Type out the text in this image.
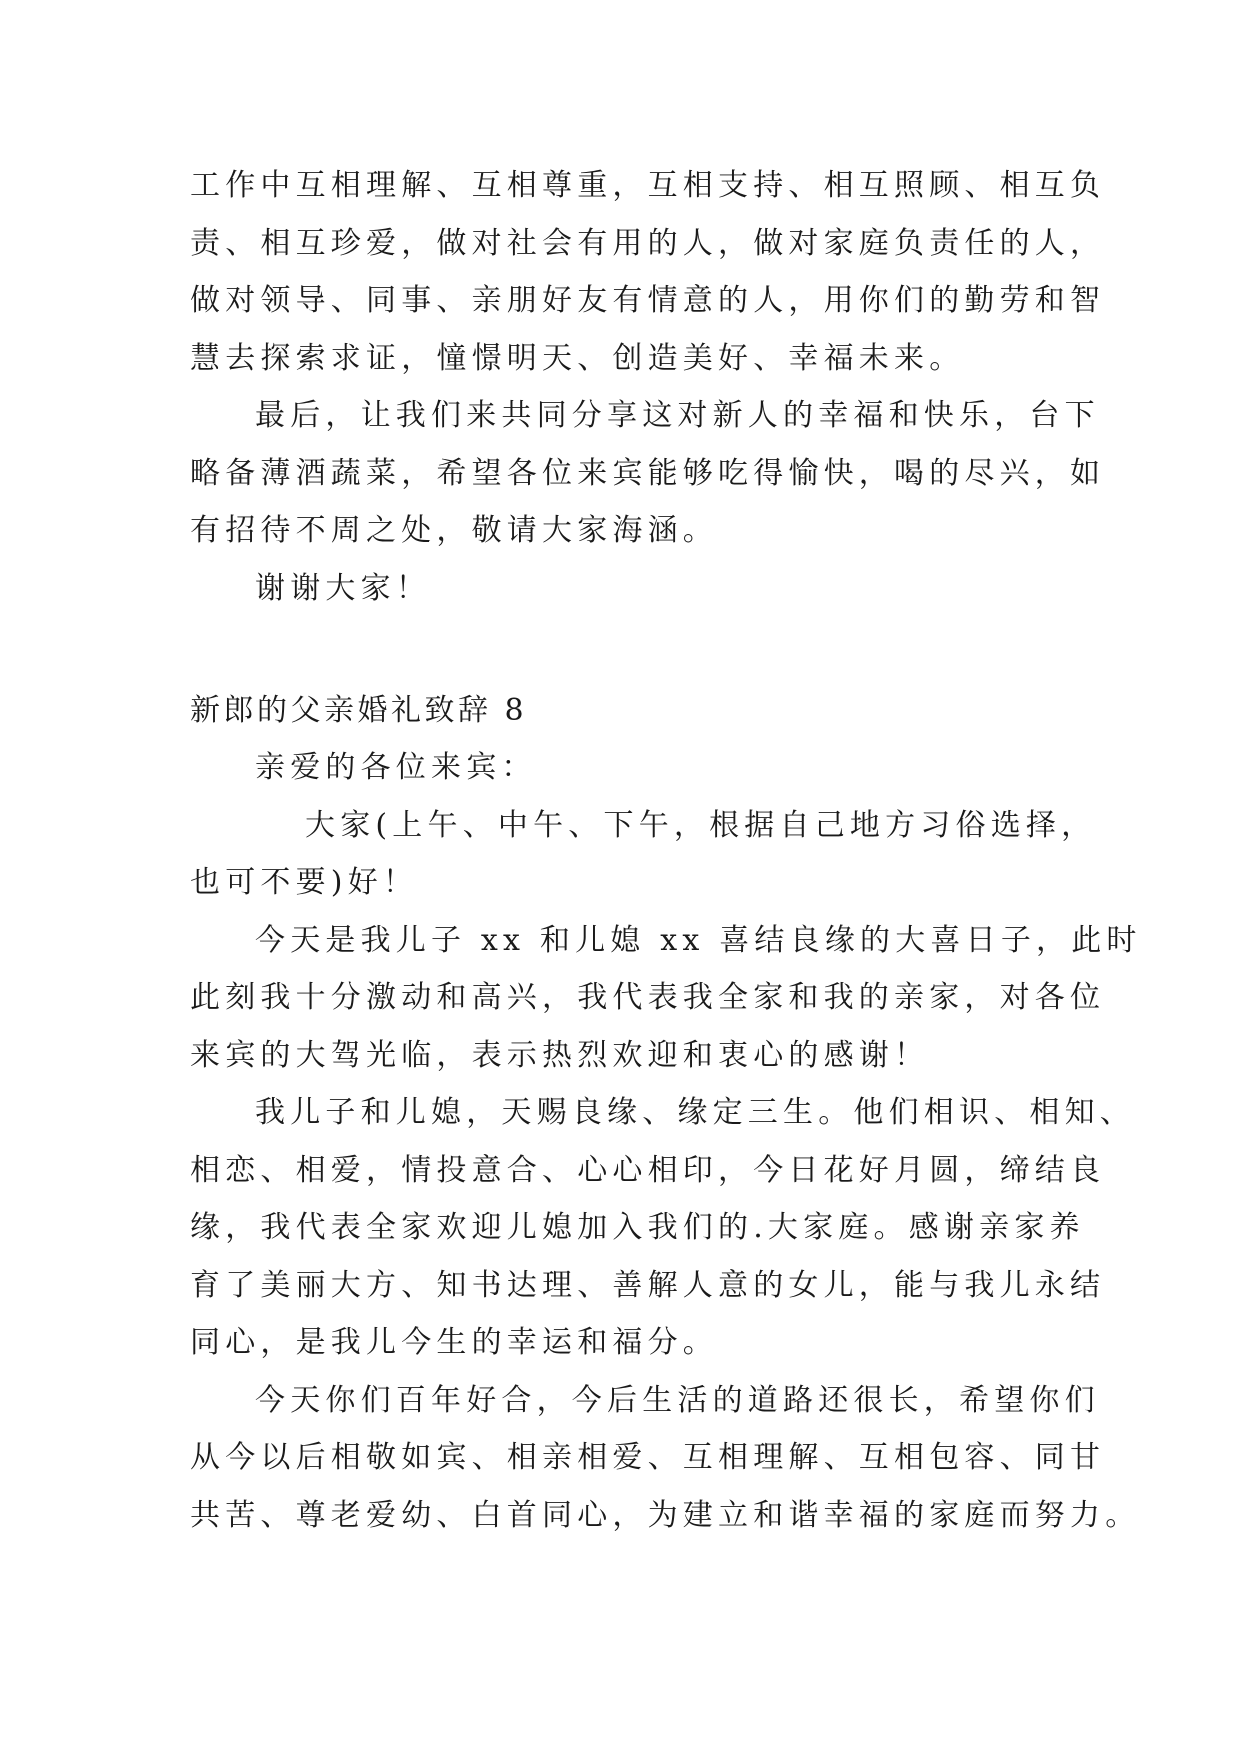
工作中互相理解、互相尊重，互相支持、相互照顾、相互负
责、相互珍爱，做对社会有用的人，做对家庭负责任的人，
做对领导、同事、亲朋好友有情意的人，用你们的勤劳和智
慧去探索求证，憧憬明天、创造美好、幸福未来。
最后，让我们来共同分享这对新人的幸福和快乐，台下
略备薄酒蔬菜，希望各位来宾能够吃得愉快，喝的尽兴，如
有招待不周之处，敬请大家海涵。
谢谢大家！
新郎的父亲婚礼致辞 8
亲爱的各位来宾：
大家(上午、中午、下午，根据自己地方习俗选择，
也可不要)好！
今天是我儿子 xx 和儿媳 xx 喜结良缘的大喜日子，此时
此刻我十分激动和高兴，我代表我全家和我的亲家，对各位
来宾的大驾光临，表示热烈欢迎和衷心的感谢！
我儿子和儿媳，天赐良缘、缘定三生。他们相识、相知、
相恋、相爱，情投意合、心心相印，今日花好月圆，缔结良
缘，我代表全家欢迎儿媳加入我们的.大家庭。感谢亲家养
育了美丽大方、知书达理、善解人意的女儿，能与我儿永结
同心，是我儿今生的幸运和福分。
今天你们百年好合，今后生活的道路还很长，希望你们
从今以后相敬如宾、相亲相爱、互相理解、互相包容、同甘
共苦、尊老爱幼、白首同心，为建立和谐幸福的家庭而努力。
